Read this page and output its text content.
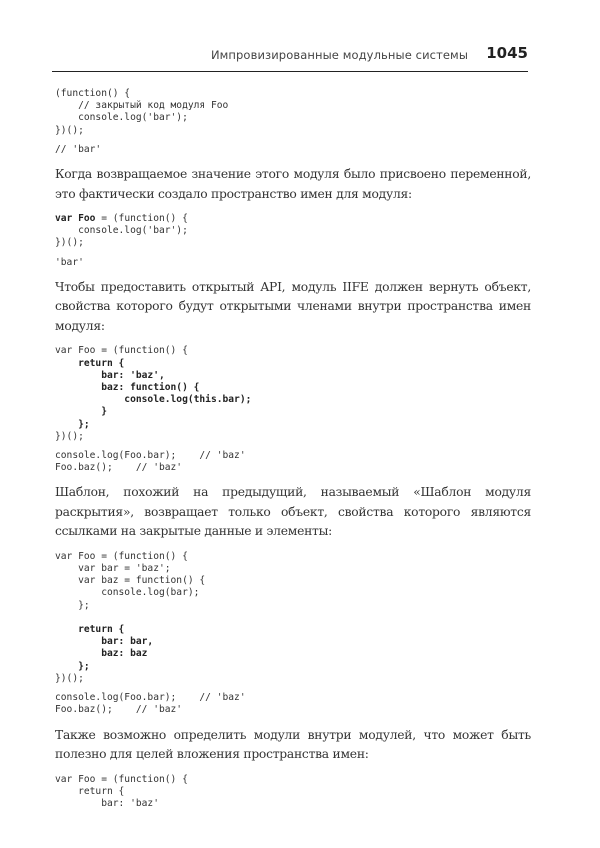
Импровизированные модульные системы 1045
(function() {
// закрытый код модуля Foo
console.log('bar');
})();
// 'bar'

Когда возвращаемое значение этого модуля было присвоено переменной, это фактически создало пространство имен для модуля:

var Foo = (function() {
console.log('bar');
})();
'bar'

Чтобы предоставить открытый API, модуль IIFE должен вернуть объект, свойства которого будут открытыми членами внутри пространства имен модуля:

var Foo = (function() {
return {
bar: 'baz',
baz: function() {
console.log(this.bar);
}
};
})();
console.log(Foo.bar);    // 'baz'
Foo.baz();    // 'baz'

Шаблон, похожий на предыдущий, называемый «Шаблон модуля раскрытия», возвращает только объект, свойства которого являются ссылками на закрытые данные и элементы:

var Foo = (function() {
var bar = 'baz';
var baz = function() {
console.log(bar);
};

return {
bar: bar,
baz: baz
};
})();
console.log(Foo.bar);    // 'baz'
Foo.baz();    // 'baz'

Также возможно определить модули внутри модулей, что может быть полезно для целей вложения пространства имен:

var Foo = (function() {
return {
bar: 'baz'
